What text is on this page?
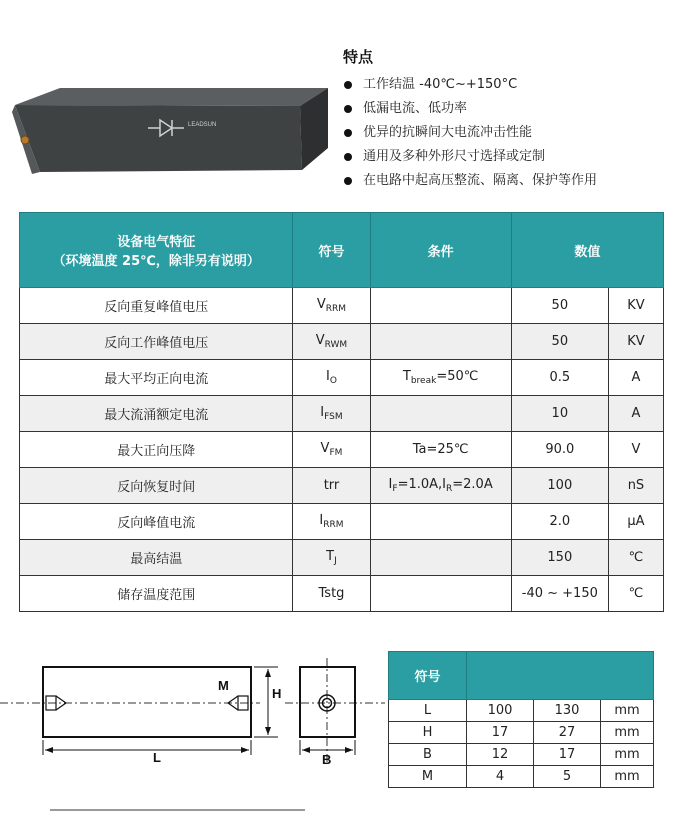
LEADSUN
特点
工作结温 -40℃~+150°C
低漏电流、低功率
优异的抗瞬间大电流冲击性能
通用及多种外形尺寸选择或定制
在电路中起高压整流、隔离、保护等作用
设备电气特征
（环境温度 25℃，除非另有说明）	符号	条件	数值	
反向重复峰值电压	$V_{RRM}$		50	KV
反向工作峰值电压	$V_{RWM}$		50	KV
最大平均正向电流	$I_O$	$T_{break}=50℃$	0.5	A
最大流涌额定电流	$I_{FSM}$		10	A
最大正向压降	$V_{FM}$	Ta=25℃	90.0	V
反向恢复时间	trr	$I_F=1.0A,I_R=2.0A$	100	nS
反向峰值电流	$I_{RRM}$		2.0	μA
最高结温	$T_J$		150	℃
储存温度范围	Tstg		-40 ~ +150	℃
L
H
M
B
符号			
L	100	130	mm
H	17	27	mm
B	12	17	mm
M	4	5	mm
